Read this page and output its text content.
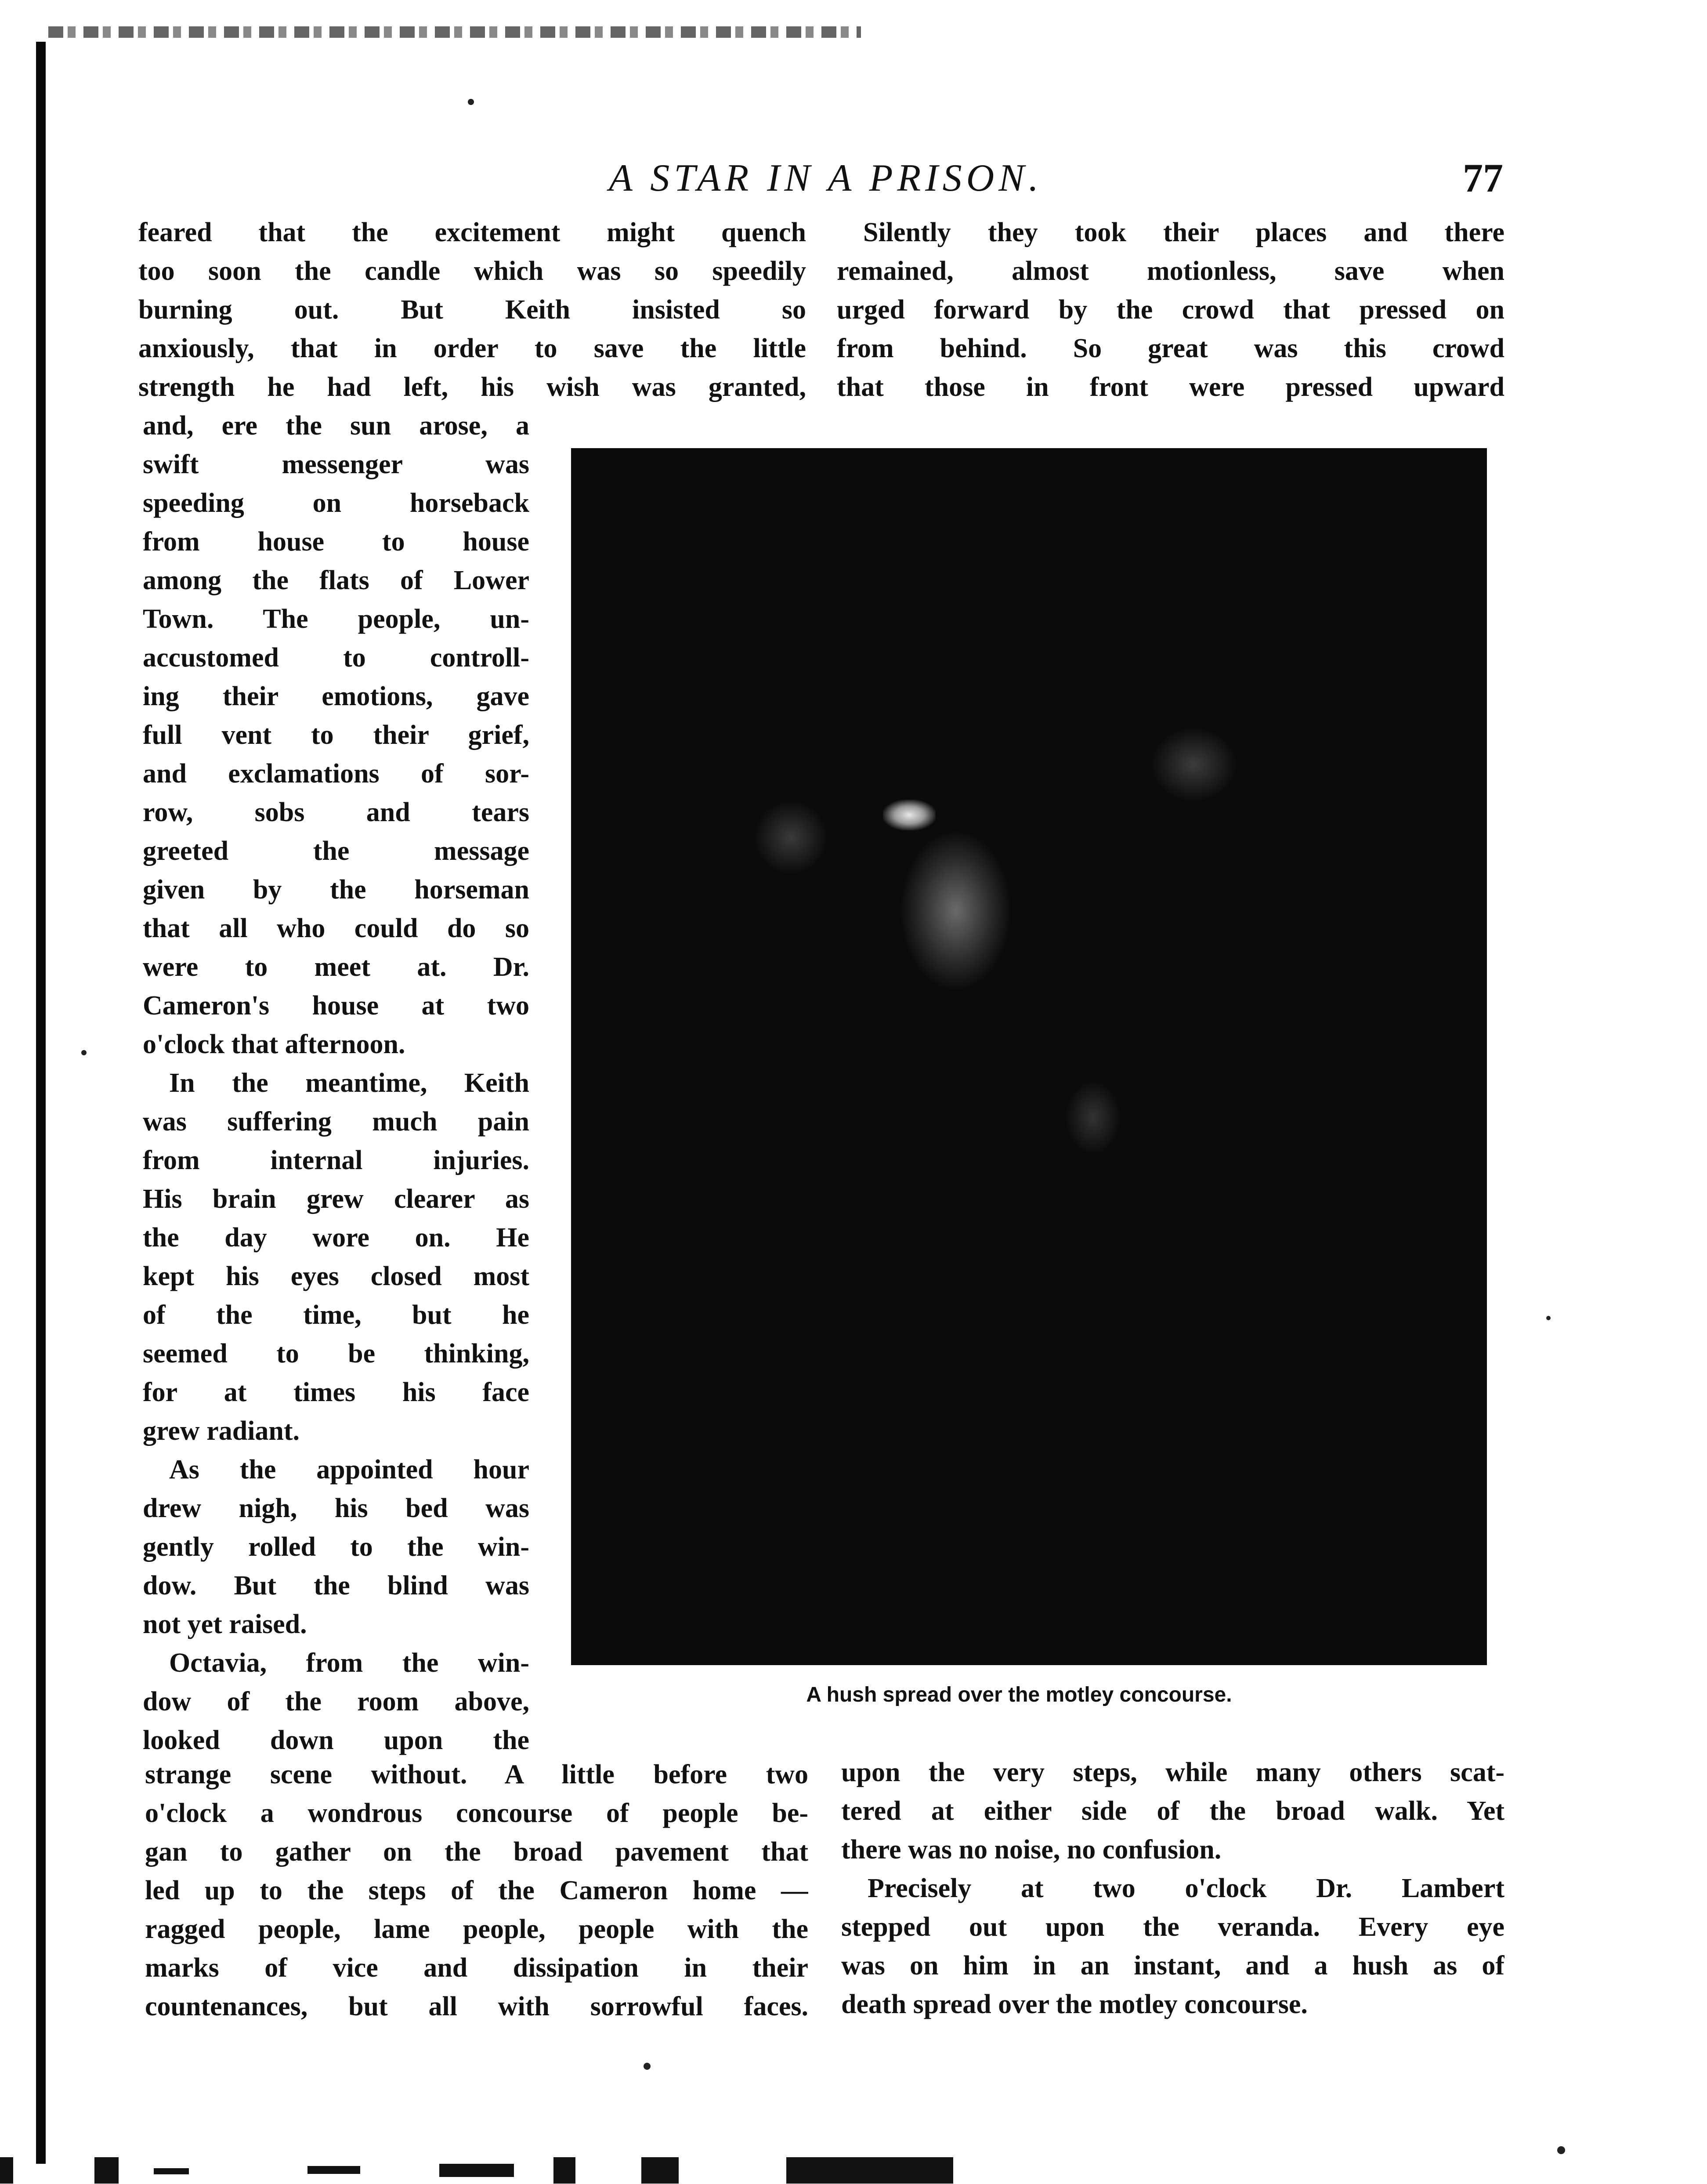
A STAR IN A PRISON.	77
feared that the excitement might quench
too soon the candle which was so speedily
burning out. But Keith insisted so
anxiously, that in order to save the little
strength he had left, his wish was granted,
Silently they took their places and there
remained, almost motionless, save when
urged forward by the crowd that pressed on
from behind. So great was this crowd
that those in front were pressed upward
and, ere the sun arose, a
swift messenger was
speeding on horseback
from house to house
among the flats of Lower
Town. The people, un-
accustomed to controll-
ing their emotions, gave
full vent to their grief,
and exclamations of sor-
row, sobs and tears
greeted the message
given by the horseman
that all who could do so
were to meet at. Dr.
Cameron's house at two
o'clock that afternoon.
In the meantime, Keith
was suffering much pain
from internal injuries.
His brain grew clearer as
the day wore on. He
kept his eyes closed most
of the time, but he
seemed to be thinking,
for at times his face
grew radiant.
As the appointed hour
drew nigh, his bed was
gently rolled to the win-
dow. But the blind was
not yet raised.
Octavia, from the win-
dow of the room above,
looked down upon the
A hush spread over the motley concourse.
strange scene without. A little before two
o'clock a wondrous concourse of people be-
gan to gather on the broad pavement that
led up to the steps of the Cameron home —
ragged people, lame people, people with the
marks of vice and dissipation in their
countenances, but all with sorrowful faces.
upon the very steps, while many others scat-
tered at either side of the broad walk. Yet
there was no noise, no confusion.
Precisely at two o'clock Dr. Lambert
stepped out upon the veranda. Every eye
was on him in an instant, and a hush as of
death spread over the motley concourse.
